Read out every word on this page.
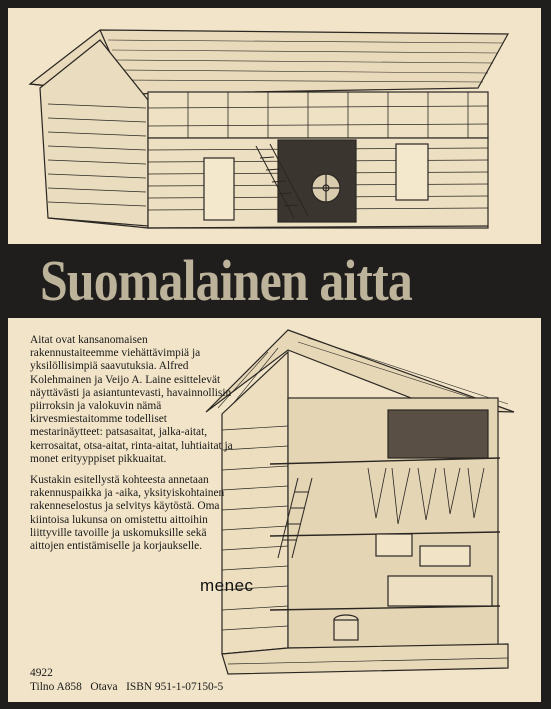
Suomalainen aitta

Aitat ovat kansanomaisen rakennustaiteemme viehättävimpiä ja yksilöllisimpiä saavutuksia. Alfred Kolehmainen ja Veijo A. Laine esittelevät näyttävästi ja asiantuntevasti, havainnollisin piirroksin ja valokuvin nämä kirvesmiestaitomme todelliset mestarinäytteet: patsasaitat, jalka-aitat, kerrosaitat, otsa-aitat, rinta-aitat, luhtiaitat ja monet erityyppiset pikkuaitat.

Kustakin esitellystä kohteesta annetaan rakennuspaikka ja -aika, yksityiskohtainen rakenneselostus ja selvitys käytöstä. Oma kiintoisa lukunsa on omistettu aittoihin liittyville tavoille ja uskomuksille sekä aittojen entistämiselle ja korjaukselle.

menec
4922
Tilno A858 Otava ISBN 951-1-07150-5
